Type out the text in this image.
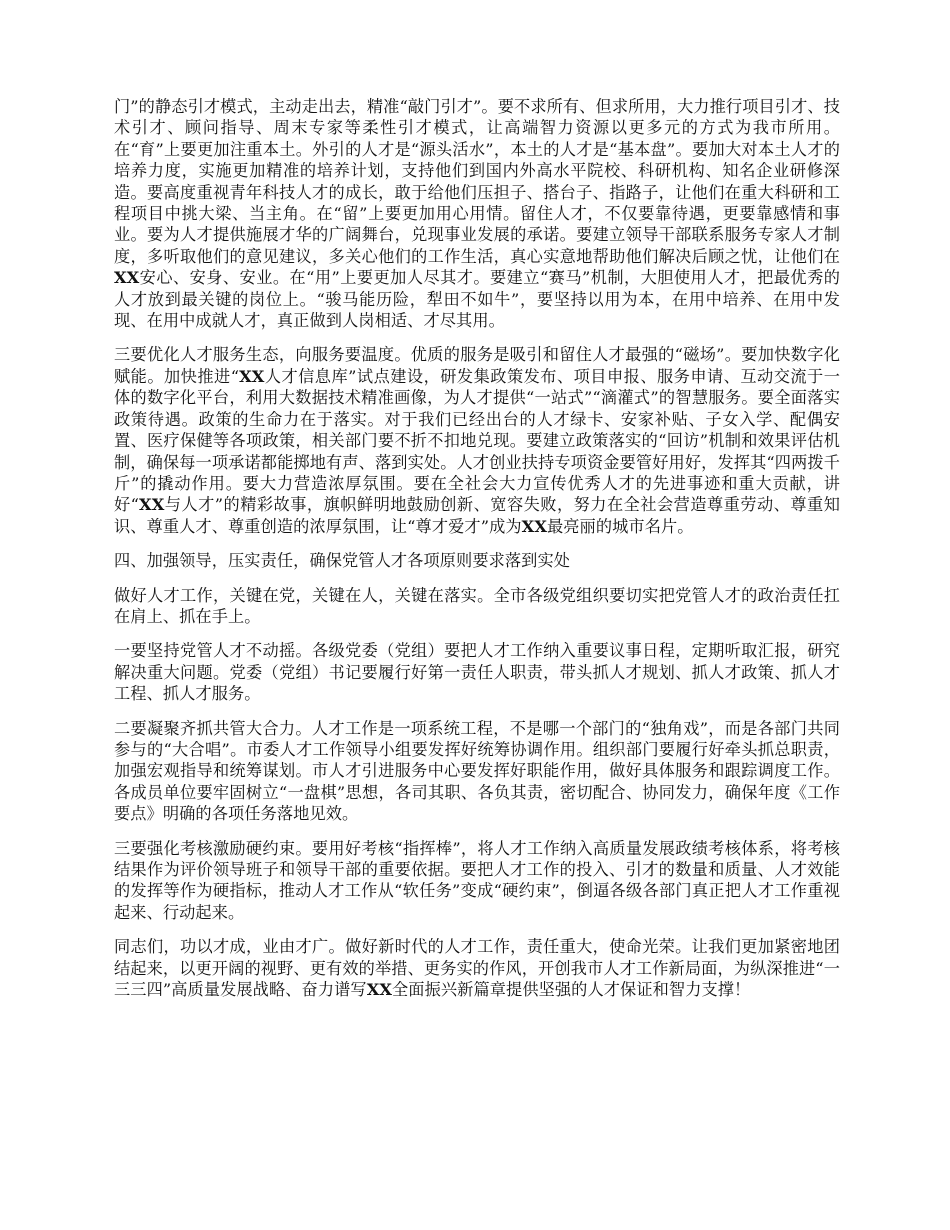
门”的静态引才模式，主动走出去，精准“敲门引才”。要不求所有、但求所用，大力推行项目引才、技术引才、顾问指导、周末专家等柔性引才模式，让高端智力资源以更多元的方式为我市所用。在“育”上要更加注重本土。外引的人才是“源头活水”，本土的人才是“基本盘”。要加大对本土人才的培养力度，实施更加精准的培养计划，支持他们到国内外高水平院校、科研机构、知名企业研修深造。要高度重视青年科技人才的成长，敢于给他们压担子、搭台子、指路子，让他们在重大科研和工程项目中挑大梁、当主角。在“留”上要更加用心用情。留住人才，不仅要靠待遇，更要靠感情和事业。要为人才提供施展才华的广阔舞台，兑现事业发展的承诺。要建立领导干部联系服务专家人才制度，多听取他们的意见建议，多关心他们的工作生活，真心实意地帮助他们解决后顾之忧，让他们在XX安心、安身、安业。在“用”上要更加人尽其才。要建立“赛马”机制，大胆使用人才，把最优秀的人才放到最关键的岗位上。“骏马能历险，犁田不如牛”，要坚持以用为本，在用中培养、在用中发现、在用中成就人才，真正做到人岗相适、才尽其用。

三要优化人才服务生态，向服务要温度。优质的服务是吸引和留住人才最强的“磁场”。要加快数字化赋能。加快推进“XX人才信息库”试点建设，研发集政策发布、项目申报、服务申请、互动交流于一体的数字化平台，利用大数据技术精准画像，为人才提供“一站式”“滴灌式”的智慧服务。要全面落实政策待遇。政策的生命力在于落实。对于我们已经出台的人才绿卡、安家补贴、子女入学、配偶安置、医疗保健等各项政策，相关部门要不折不扣地兑现。要建立政策落实的“回访”机制和效果评估机制，确保每一项承诺都能掷地有声、落到实处。人才创业扶持专项资金要管好用好，发挥其“四两拨千斤”的撬动作用。要大力营造浓厚氛围。要在全社会大力宣传优秀人才的先进事迹和重大贡献，讲好“XX与人才”的精彩故事，旗帜鲜明地鼓励创新、宽容失败，努力在全社会营造尊重劳动、尊重知识、尊重人才、尊重创造的浓厚氛围，让“尊才爱才”成为XX最亮丽的城市名片。

四、加强领导，压实责任，确保党管人才各项原则要求落到实处

做好人才工作，关键在党，关键在人，关键在落实。全市各级党组织要切实把党管人才的政治责任扛在肩上、抓在手上。

一要坚持党管人才不动摇。各级党委（党组）要把人才工作纳入重要议事日程，定期听取汇报，研究解决重大问题。党委（党组）书记要履行好第一责任人职责，带头抓人才规划、抓人才政策、抓人才工程、抓人才服务。

二要凝聚齐抓共管大合力。人才工作是一项系统工程，不是哪一个部门的“独角戏”，而是各部门共同参与的“大合唱”。市委人才工作领导小组要发挥好统筹协调作用。组织部门要履行好牵头抓总职责，加强宏观指导和统筹谋划。市人才引进服务中心要发挥好职能作用，做好具体服务和跟踪调度工作。各成员单位要牢固树立“一盘棋”思想，各司其职、各负其责，密切配合、协同发力，确保年度《工作要点》明确的各项任务落地见效。

三要强化考核激励硬约束。要用好考核“指挥棒”，将人才工作纳入高质量发展政绩考核体系，将考核结果作为评价领导班子和领导干部的重要依据。要把人才工作的投入、引才的数量和质量、人才效能的发挥等作为硬指标，推动人才工作从“软任务”变成“硬约束”，倒逼各级各部门真正把人才工作重视起来、行动起来。

同志们，功以才成，业由才广。做好新时代的人才工作，责任重大，使命光荣。让我们更加紧密地团结起来，以更开阔的视野、更有效的举措、更务实的作风，开创我市人才工作新局面，为纵深推进“一三三四”高质量发展战略、奋力谱写XX全面振兴新篇章提供坚强的人才保证和智力支撑！
